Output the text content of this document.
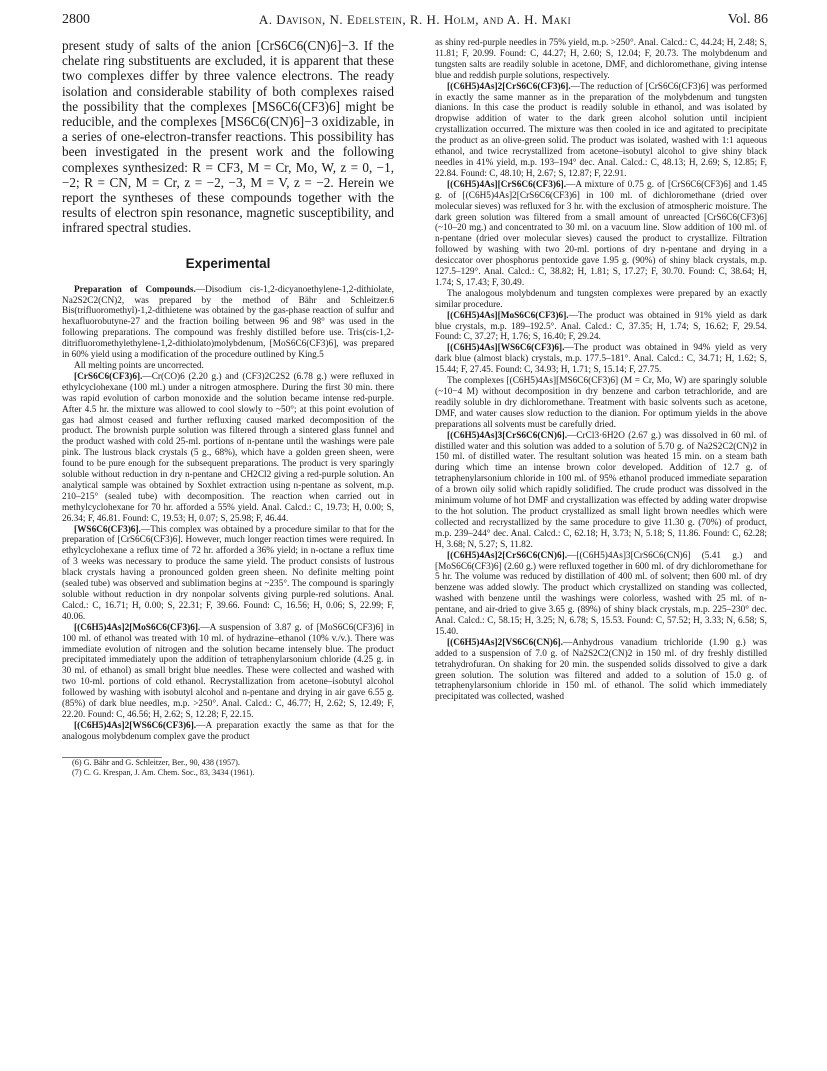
2800	A. Davison, N. Edelstein, R. H. Holm, and A. H. Maki	Vol. 86

present study of salts of the anion [CrS6C6(CN)6]−3. If the chelate ring substituents are excluded, it is apparent that these two complexes differ by three valence electrons. The ready isolation and considerable stability of both complexes raised the possibility that the complexes [MS6C6(CF3)6] might be reducible, and the complexes [MS6C6(CN)6]−3 oxidizable, in a series of one-electron-transfer reactions. This possibility has been investigated in the present work and the following complexes synthesized: R = CF3, M = Cr, Mo, W, z = 0, −1, −2; R = CN, M = Cr, z = −2, −3, M = V, z = −2. Herein we report the syntheses of these compounds together with the results of electron spin resonance, magnetic susceptibility, and infrared spectral studies.

Experimental

Preparation of Compounds.—Disodium cis-1,2-dicyanoethylene-1,2-dithiolate, Na2S2C2(CN)2, was prepared by the method of Bähr and Schleitzer.6 Bis(trifluoromethyl)-1,2-dithietene was obtained by the gas-phase reaction of sulfur and hexafluorobutyne-27 and the fraction boiling between 96 and 98° was used in the following preparations. The compound was freshly distilled before use. Tris(cis-1,2-ditrifluoromethylethylene-1,2-dithiolato)molybdenum, [MoS6C6(CF3)6], was prepared in 60% yield using a modification of the procedure outlined by King.5

All melting points are uncorrected.

[CrS6C6(CF3)6].—Cr(CO)6 (2.20 g.) and (CF3)2C2S2 (6.78 g.) were refluxed in ethylcyclohexane (100 ml.) under a nitrogen atmosphere. During the first 30 min. there was rapid evolution of carbon monoxide and the solution became intense red-purple. After 4.5 hr. the mixture was allowed to cool slowly to ~50°; at this point evolution of gas had almost ceased and further refluxing caused marked decomposition of the product. The brownish purple solution was filtered through a sintered glass funnel and the product washed with cold 25-ml. portions of n-pentane until the washings were pale pink. The lustrous black crystals (5 g., 68%), which have a golden green sheen, were found to be pure enough for the subsequent preparations. The product is very sparingly soluble without reduction in dry n-pentane and CH2Cl2 giving a red-purple solution. An analytical sample was obtained by Soxhlet extraction using n-pentane as solvent, m.p. 210–215° (sealed tube) with decomposition. The reaction when carried out in methylcyclohexane for 70 hr. afforded a 55% yield. Anal. Calcd.: C, 19.73; H, 0.00; S, 26.34; F, 46.81. Found: C, 19.53; H, 0.07; S, 25.98; F, 46.44.

[WS6C6(CF3)6].—This complex was obtained by a procedure similar to that for the preparation of [CrS6C6(CF3)6]. However, much longer reaction times were required. In ethylcyclohexane a reflux time of 72 hr. afforded a 36% yield; in n-octane a reflux time of 3 weeks was necessary to produce the same yield. The product consists of lustrous black crystals having a pronounced golden green sheen. No definite melting point (sealed tube) was observed and sublimation begins at ~235°. The compound is sparingly soluble without reduction in dry nonpolar solvents giving purple-red solutions. Anal. Calcd.: C, 16.71; H, 0.00; S, 22.31; F, 39.66. Found: C, 16.56; H, 0.06; S, 22.99; F, 40.06.

[(C6H5)4As]2[MoS6C6(CF3)6].—A suspension of 3.87 g. of [MoS6C6(CF3)6] in 100 ml. of ethanol was treated with 10 ml. of hydrazine–ethanol (10% v./v.). There was immediate evolution of nitrogen and the solution became intensely blue. The product precipitated immediately upon the addition of tetraphenylarsonium chloride (4.25 g. in 30 ml. of ethanol) as small bright blue needles. These were collected and washed with two 10-ml. portions of cold ethanol. Recrystallization from acetone–isobutyl alcohol followed by washing with isobutyl alcohol and n-pentane and drying in air gave 6.55 g. (85%) of dark blue needles, m.p. >250°. Anal. Calcd.: C, 46.77; H, 2.62; S, 12.49; F, 22.20. Found: C, 46.56; H, 2.62; S, 12.28; F, 22.15.

[(C6H5)4As]2[WS6C6(CF3)6].—A preparation exactly the same as that for the analogous molybdenum complex gave the product

(6) G. Bähr and G. Schleitzer, Ber., 90, 438 (1957).

(7) C. G. Krespan, J. Am. Chem. Soc., 83, 3434 (1961).

as shiny red-purple needles in 75% yield, m.p. >250°. Anal. Calcd.: C, 44.24; H, 2.48; S, 11.81; F, 20.99. Found: C, 44.27; H, 2.60; S, 12.04; F, 20.73. The molybdenum and tungsten salts are readily soluble in acetone, DMF, and dichloromethane, giving intense blue and reddish purple solutions, respectively.

[(C6H5)4As]2[CrS6C6(CF3)6].—The reduction of [CrS6C6(CF3)6] was performed in exactly the same manner as in the preparation of the molybdenum and tungsten dianions. In this case the product is readily soluble in ethanol, and was isolated by dropwise addition of water to the dark green alcohol solution until incipient crystallization occurred. The mixture was then cooled in ice and agitated to precipitate the product as an olive-green solid. The product was isolated, washed with 1:1 aqueous ethanol, and twice recrystallized from acetone–isobutyl alcohol to give shiny black needles in 41% yield, m.p. 193–194° dec. Anal. Calcd.: C, 48.13; H, 2.69; S, 12.85; F, 22.84. Found: C, 48.10; H, 2.67; S, 12.87; F, 22.91.

[(C6H5)4As][CrS6C6(CF3)6].—A mixture of 0.75 g. of [CrS6C6(CF3)6] and 1.45 g. of [(C6H5)4As]2[CrS6C6(CF3)6] in 100 ml. of dichloromethane (dried over molecular sieves) was refluxed for 3 hr. with the exclusion of atmospheric moisture. The dark green solution was filtered from a small amount of unreacted [CrS6C6(CF3)6] (~10–20 mg.) and concentrated to 30 ml. on a vacuum line. Slow addition of 100 ml. of n-pentane (dried over molecular sieves) caused the product to crystallize. Filtration followed by washing with two 20-ml. portions of dry n-pentane and drying in a desiccator over phosphorus pentoxide gave 1.95 g. (90%) of shiny black crystals, m.p. 127.5–129°. Anal. Calcd.: C, 38.82; H, 1.81; S, 17.27; F, 30.70. Found: C, 38.64; H, 1.74; S, 17.43; F, 30.49.

The analogous molybdenum and tungsten complexes were prepared by an exactly similar procedure.

[(C6H5)4As][MoS6C6(CF3)6].—The product was obtained in 91% yield as dark blue crystals, m.p. 189–192.5°. Anal. Calcd.: C, 37.35; H, 1.74; S, 16.62; F, 29.54. Found: C, 37.27; H, 1.76; S, 16.40; F, 29.24.

[(C6H5)4As][WS6C6(CF3)6].—The product was obtained in 94% yield as very dark blue (almost black) crystals, m.p. 177.5–181°. Anal. Calcd.: C, 34.71; H, 1.62; S, 15.44; F, 27.45. Found: C, 34.93; H, 1.71; S, 15.14; F, 27.75.

The complexes [(C6H5)4As][MS6C6(CF3)6] (M = Cr, Mo, W) are sparingly soluble (~10−4 M) without decomposition in dry benzene and carbon tetrachloride, and are readily soluble in dry dichloromethane. Treatment with basic solvents such as acetone, DMF, and water causes slow reduction to the dianion. For optimum yields in the above preparations all solvents must be carefully dried.

[(C6H5)4As]3[CrS6C6(CN)6].—CrCl3·6H2O (2.67 g.) was dissolved in 60 ml. of distilled water and this solution was added to a solution of 5.70 g. of Na2S2C2(CN)2 in 150 ml. of distilled water. The resultant solution was heated 15 min. on a steam bath during which time an intense brown color developed. Addition of 12.7 g. of tetraphenylarsonium chloride in 100 ml. of 95% ethanol produced immediate separation of a brown oily solid which rapidly solidified. The crude product was dissolved in the minimum volume of hot DMF and crystallization was effected by adding water dropwise to the hot solution. The product crystallized as small light brown needles which were collected and recrystallized by the same procedure to give 11.30 g. (70%) of product, m.p. 239–244° dec. Anal. Calcd.: C, 62.18; H, 3.73; N, 5.18; S, 11.86. Found: C, 62.28; H, 3.68; N, 5.27; S, 11.82.

[(C6H5)4As]2[CrS6C6(CN)6].—[(C6H5)4As]3[CrS6C6(CN)6] (5.41 g.) and [MoS6C6(CF3)6] (2.60 g.) were refluxed together in 600 ml. of dry dichloromethane for 5 hr. The volume was reduced by distillation of 400 ml. of solvent; then 600 ml. of dry benzene was added slowly. The product which crystallized on standing was collected, washed with benzene until the washings were colorless, washed with 25 ml. of n-pentane, and air-dried to give 3.65 g. (89%) of shiny black crystals, m.p. 225–230° dec. Anal. Calcd.: C, 58.15; H, 3.25; N, 6.78; S, 15.53. Found: C, 57.52; H, 3.33; N, 6.58; S, 15.40.

[(C6H5)4As]2[VS6C6(CN)6].—Anhydrous vanadium trichloride (1.90 g.) was added to a suspension of 7.0 g. of Na2S2C2(CN)2 in 150 ml. of dry freshly distilled tetrahydrofuran. On shaking for 20 min. the suspended solids dissolved to give a dark green solution. The solution was filtered and added to a solution of 15.0 g. of tetraphenylarsonium chloride in 150 ml. of ethanol. The solid which immediately precipitated was collected, washed
